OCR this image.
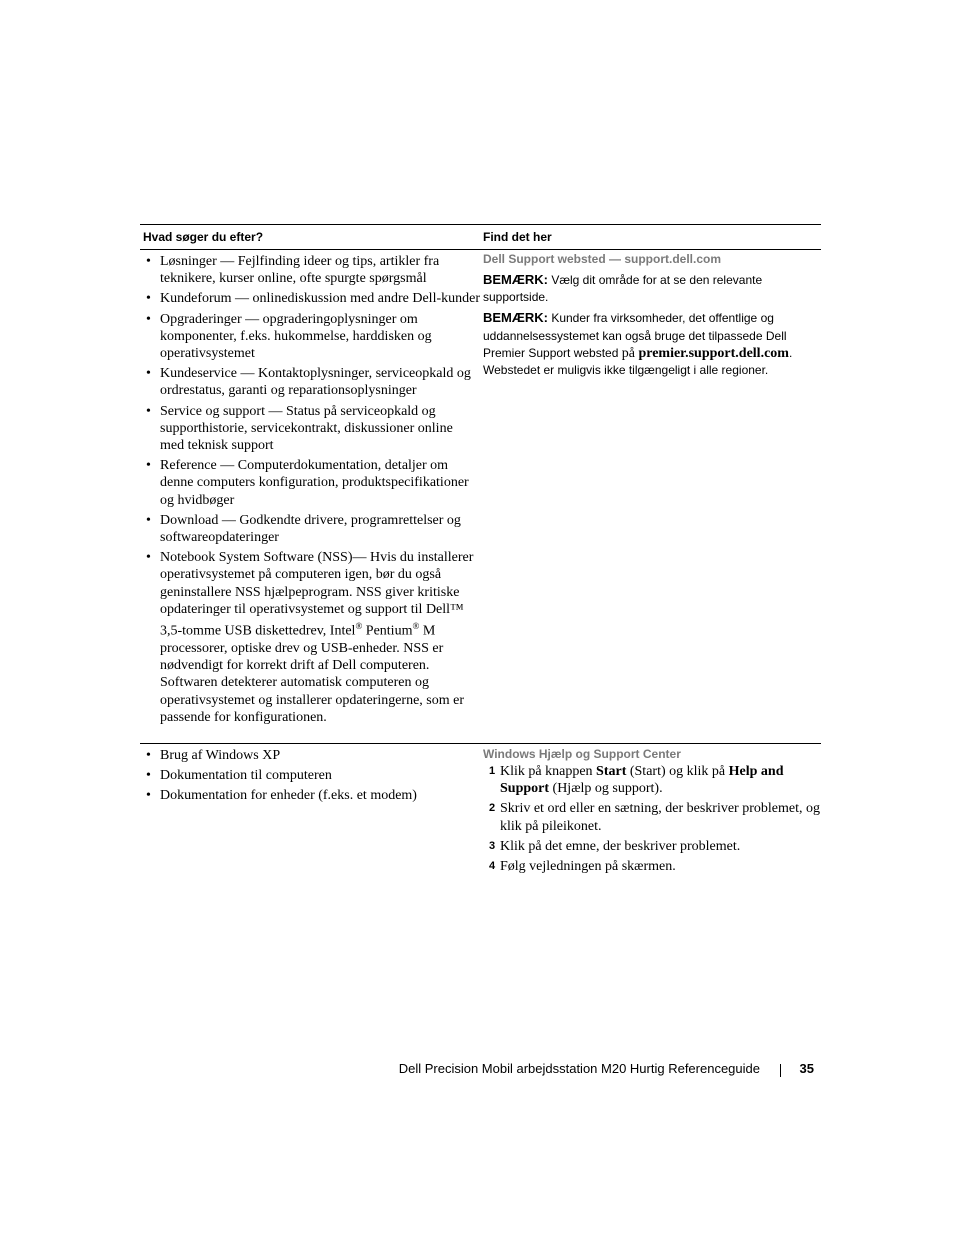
Hvad søger du efter?	Find det her
• Løsninger — Fejlfinding ideer og tips, artikler fra teknikere, kurser online, ofte spurgte spørgsmål
• Kundeforum — onlinediskussion med andre Dell-kunder
• Opgraderinger — opgraderingoplysninger om komponenter, f.eks. hukommelse, harddisken og operativsystemet
• Kundeservice — Kontaktoplysninger, serviceopkald og ordrestatus, garanti og reparationsoplysninger
• Service og support — Status på serviceopkald og supporthistorie, servicekontrakt, diskussioner online med teknisk support
• Reference — Computerdokumentation, detaljer om denne computers konfiguration, produktspecifikationer og hvidbøger
• Download — Godkendte drivere, programrettelser og softwareopdateringer
• Notebook System Software (NSS)— Hvis du installerer operativsystemet på computeren igen, bør du også geninstallere NSS hjælpeprogram. NSS giver kritiske opdateringer til operativsystemet og support til Dell™ 3,5-tomme USB diskettedrev, Intel® Pentium® M processorer, optiske drev og USB-enheder. NSS er nødvendigt for korrekt drift af Dell computeren. Softwaren detekterer automatisk computeren og operativsystemet og installerer opdateringerne, som er passende for konfigurationen.
Dell Support websted — support.dell.com
BEMÆRK: Vælg dit område for at se den relevante supportside.
BEMÆRK: Kunder fra virksomheder, det offentlige og uddannelsessystemet kan også bruge det tilpassede Dell Premier Support websted på premier.support.dell.com. Webstedet er muligvis ikke tilgængeligt i alle regioner.
• Brug af Windows XP
• Dokumentation til computeren
• Dokumentation for enheder (f.eks. et modem)
Windows Hjælp og Support Center
1 Klik på knappen Start (Start) og klik på Help and Support (Hjælp og support).
2 Skriv et ord eller en sætning, der beskriver problemet, og klik på pileikonet.
3 Klik på det emne, der beskriver problemet.
4 Følg vejledningen på skærmen.
Dell Precision Mobil arbejdsstation M20 Hurtig Referenceguide	35
